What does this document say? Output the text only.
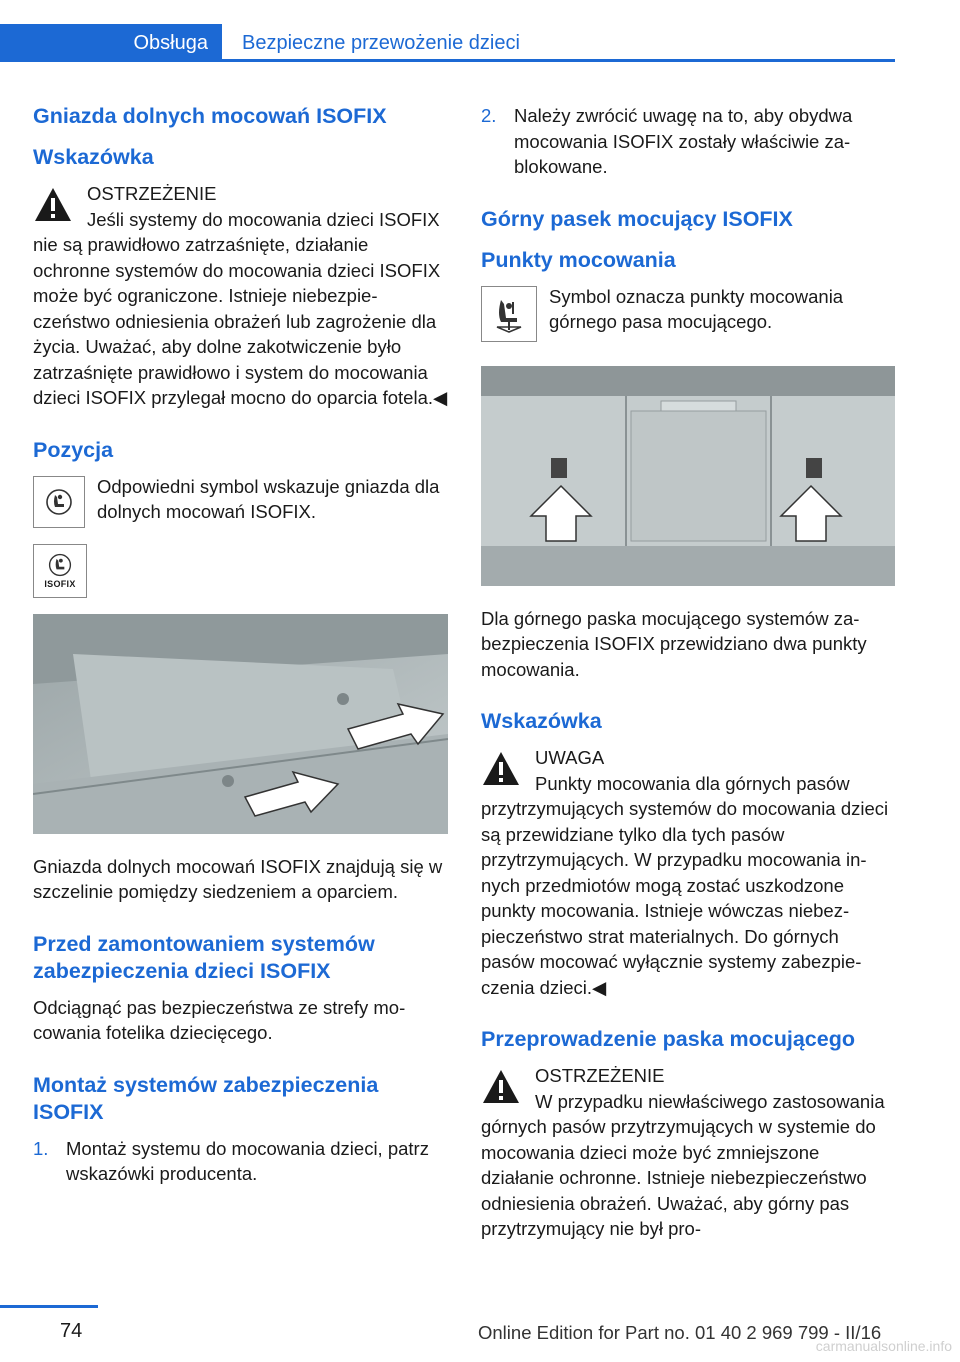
Obsługa	Bezpieczne przewożenie dzieci
Gniazda dolnych mocowań ISOFIX
Wskazówka
OSTRZEŻENIE

Jeśli systemy do mocowania dzieci ISOFIX nie są prawidłowo zatrzaśnięte, działanie ochronne systemów do mocowania dzieci ISOFIX może być ograniczone. Istnieje niebezpieczeństwo odniesienia obrażeń lub zagrożenie dla życia. Uważać, aby dolne zakotwiczenie było zatrzaśnięte prawidłowo i system do mocowania dzieci ISOFIX przylegał mocno do oparcia fotela.◀

Pozycja

Odpowiedni symbol wskazuje gniazda dla dolnych mocowań ISOFIX.

ISOFIX

Gniazda dolnych mocowań ISOFIX znajdują się w szczelinie pomiędzy siedzeniem a oparciem.

Przed zamontowaniem systemów zabezpieczenia dzieci ISOFIX

Odciągnąć pas bezpieczeństwa ze strefy mocowania fotelika dziecięcego.

Montaż systemów zabezpieczenia ISOFIX
1. Montaż systemu do mocowania dzieci, patrz wskazówki producenta.
2. Należy zwrócić uwagę na to, aby obydwa mocowania ISOFIX zostały właściwie zablokowane.
Górny pasek mocujący ISOFIX
Punkty mocowania

Symbol oznacza punkty mocowania górnego pasa mocującego.

Dla górnego paska mocującego systemów zabezpieczenia ISOFIX przewidziano dwa punkty mocowania.

Wskazówka
UWAGA

Punkty mocowania dla górnych pasów przytrzymujących systemów do mocowania dzieci są przewidziane tylko dla tych pasów przytrzymujących. W przypadku mocowania innych przedmiotów mogą zostać uszkodzone punkty mocowania. Istnieje wówczas niebezpieczeństwo strat materialnych. Do górnych pasów mocować wyłącznie systemy zabezpieczenia dzieci.◀

Przeprowadzenie paska mocującego
OSTRZEŻENIE

W przypadku niewłaściwego zastosowania górnych pasów przytrzymujących w systemie do mocowania dzieci może być zmniejszone działanie ochronne. Istnieje niebezpieczeństwo odniesienia obrażeń. Uważać, aby górny pas przytrzymujący nie był pro-

74	Online Edition for Part no. 01 40 2 969 799 - II/16
carmanualsonline.info
